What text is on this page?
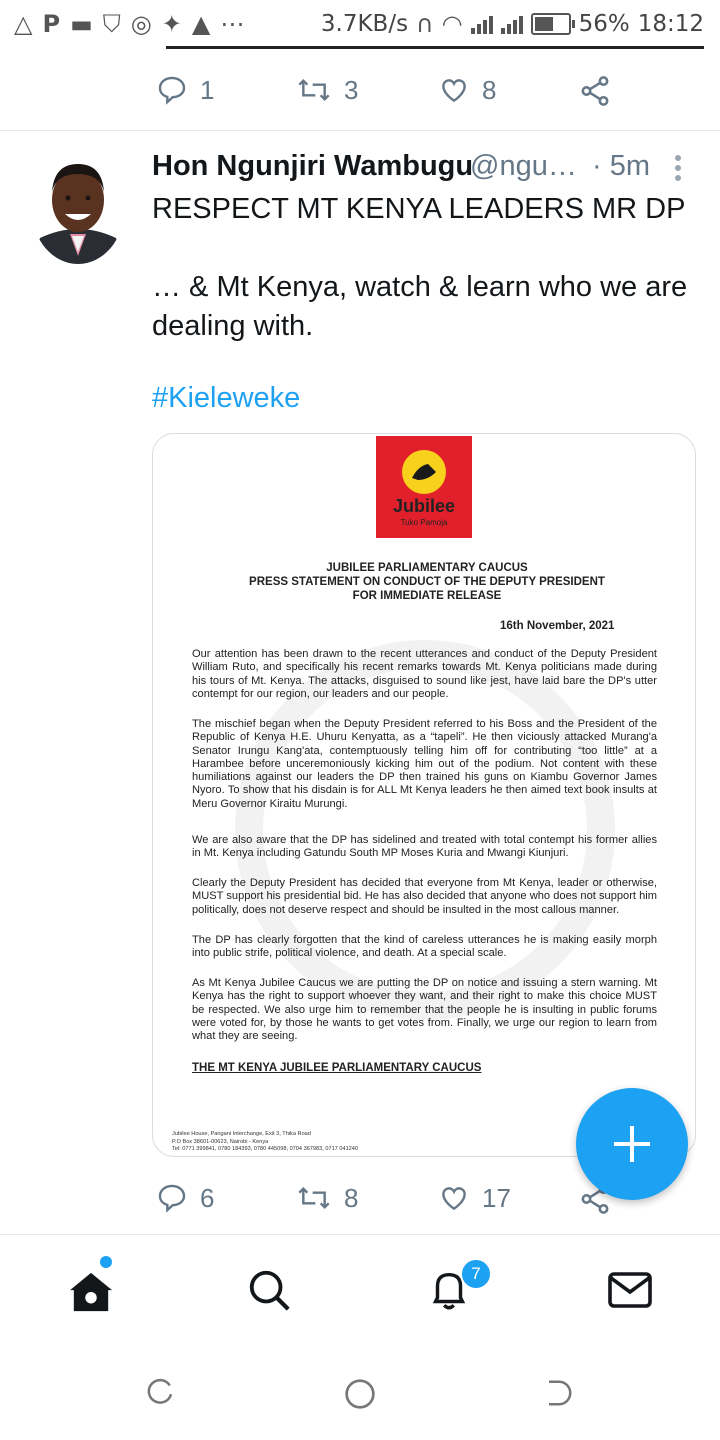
△ P ▬ ⛉ ◎ ✦ ▲ ⋯	3.7KB/s ∩ ◠	56% 18:12
1	3	8
Hon Ngunjiri Wambugu
@ngu… · 5m

RESPECT MT KENYA LEADERS MR DP

… & Mt Kenya, watch & learn who we are dealing with.

#Kieleweke
Jubilee
Tuko Pamoja
JUBILEE PARLIAMENTARY CAUCUS
PRESS STATEMENT ON CONDUCT OF THE DEPUTY PRESIDENT
FOR IMMEDIATE RELEASE
16th November, 2021
Our attention has been drawn to the recent utterances and conduct of the Deputy President William Ruto, and specifically his recent remarks towards Mt. Kenya politicians made during his tours of Mt. Kenya. The attacks, disguised to sound like jest, have laid bare the DP's utter contempt for our region, our leaders and our people.
The mischief began when the Deputy President referred to his Boss and the President of the Republic of Kenya H.E. Uhuru Kenyatta, as a “tapeli”. He then viciously attacked Murang'a Senator Irungu Kang'ata, contemptuously telling him off for contributing “too little” at a Harambee before unceremoniously kicking him out of the podium. Not content with these humiliations against our leaders the DP then trained his guns on Kiambu Governor James Nyoro. To show that his disdain is for ALL Mt Kenya leaders he then aimed text book insults at Meru Governor Kiraitu Murungi.
We are also aware that the DP has sidelined and treated with total contempt his former allies in Mt. Kenya including Gatundu South MP Moses Kuria and Mwangi Kiunjuri.
Clearly the Deputy President has decided that everyone from Mt Kenya, leader or otherwise, MUST support his presidential bid. He has also decided that anyone who does not support him politically, does not deserve respect and should be insulted in the most callous manner.
The DP has clearly forgotten that the kind of careless utterances he is making easily morph into public strife, political violence, and death. At a special scale.
As Mt Kenya Jubilee Caucus we are putting the DP on notice and issuing a stern warning. Mt Kenya has the right to support whoever they want, and their right to make this choice MUST be respected. We also urge him to remember that the people he is insulting in public forums were voted for, by those he wants to get votes from. Finally, we urge our region to learn from what they are seeing.
THE MT KENYA JUBILEE PARLIAMENTARY CAUCUS
Jubilee House, Pangani Interchange, Exit 3, Thika Road
P.O Box 38601-00623, Nairobi - Kenya
Tel: 0771 399841, 0780 184393, 0780 445098, 0704 367983, 0717 041240
6	8	17
7
